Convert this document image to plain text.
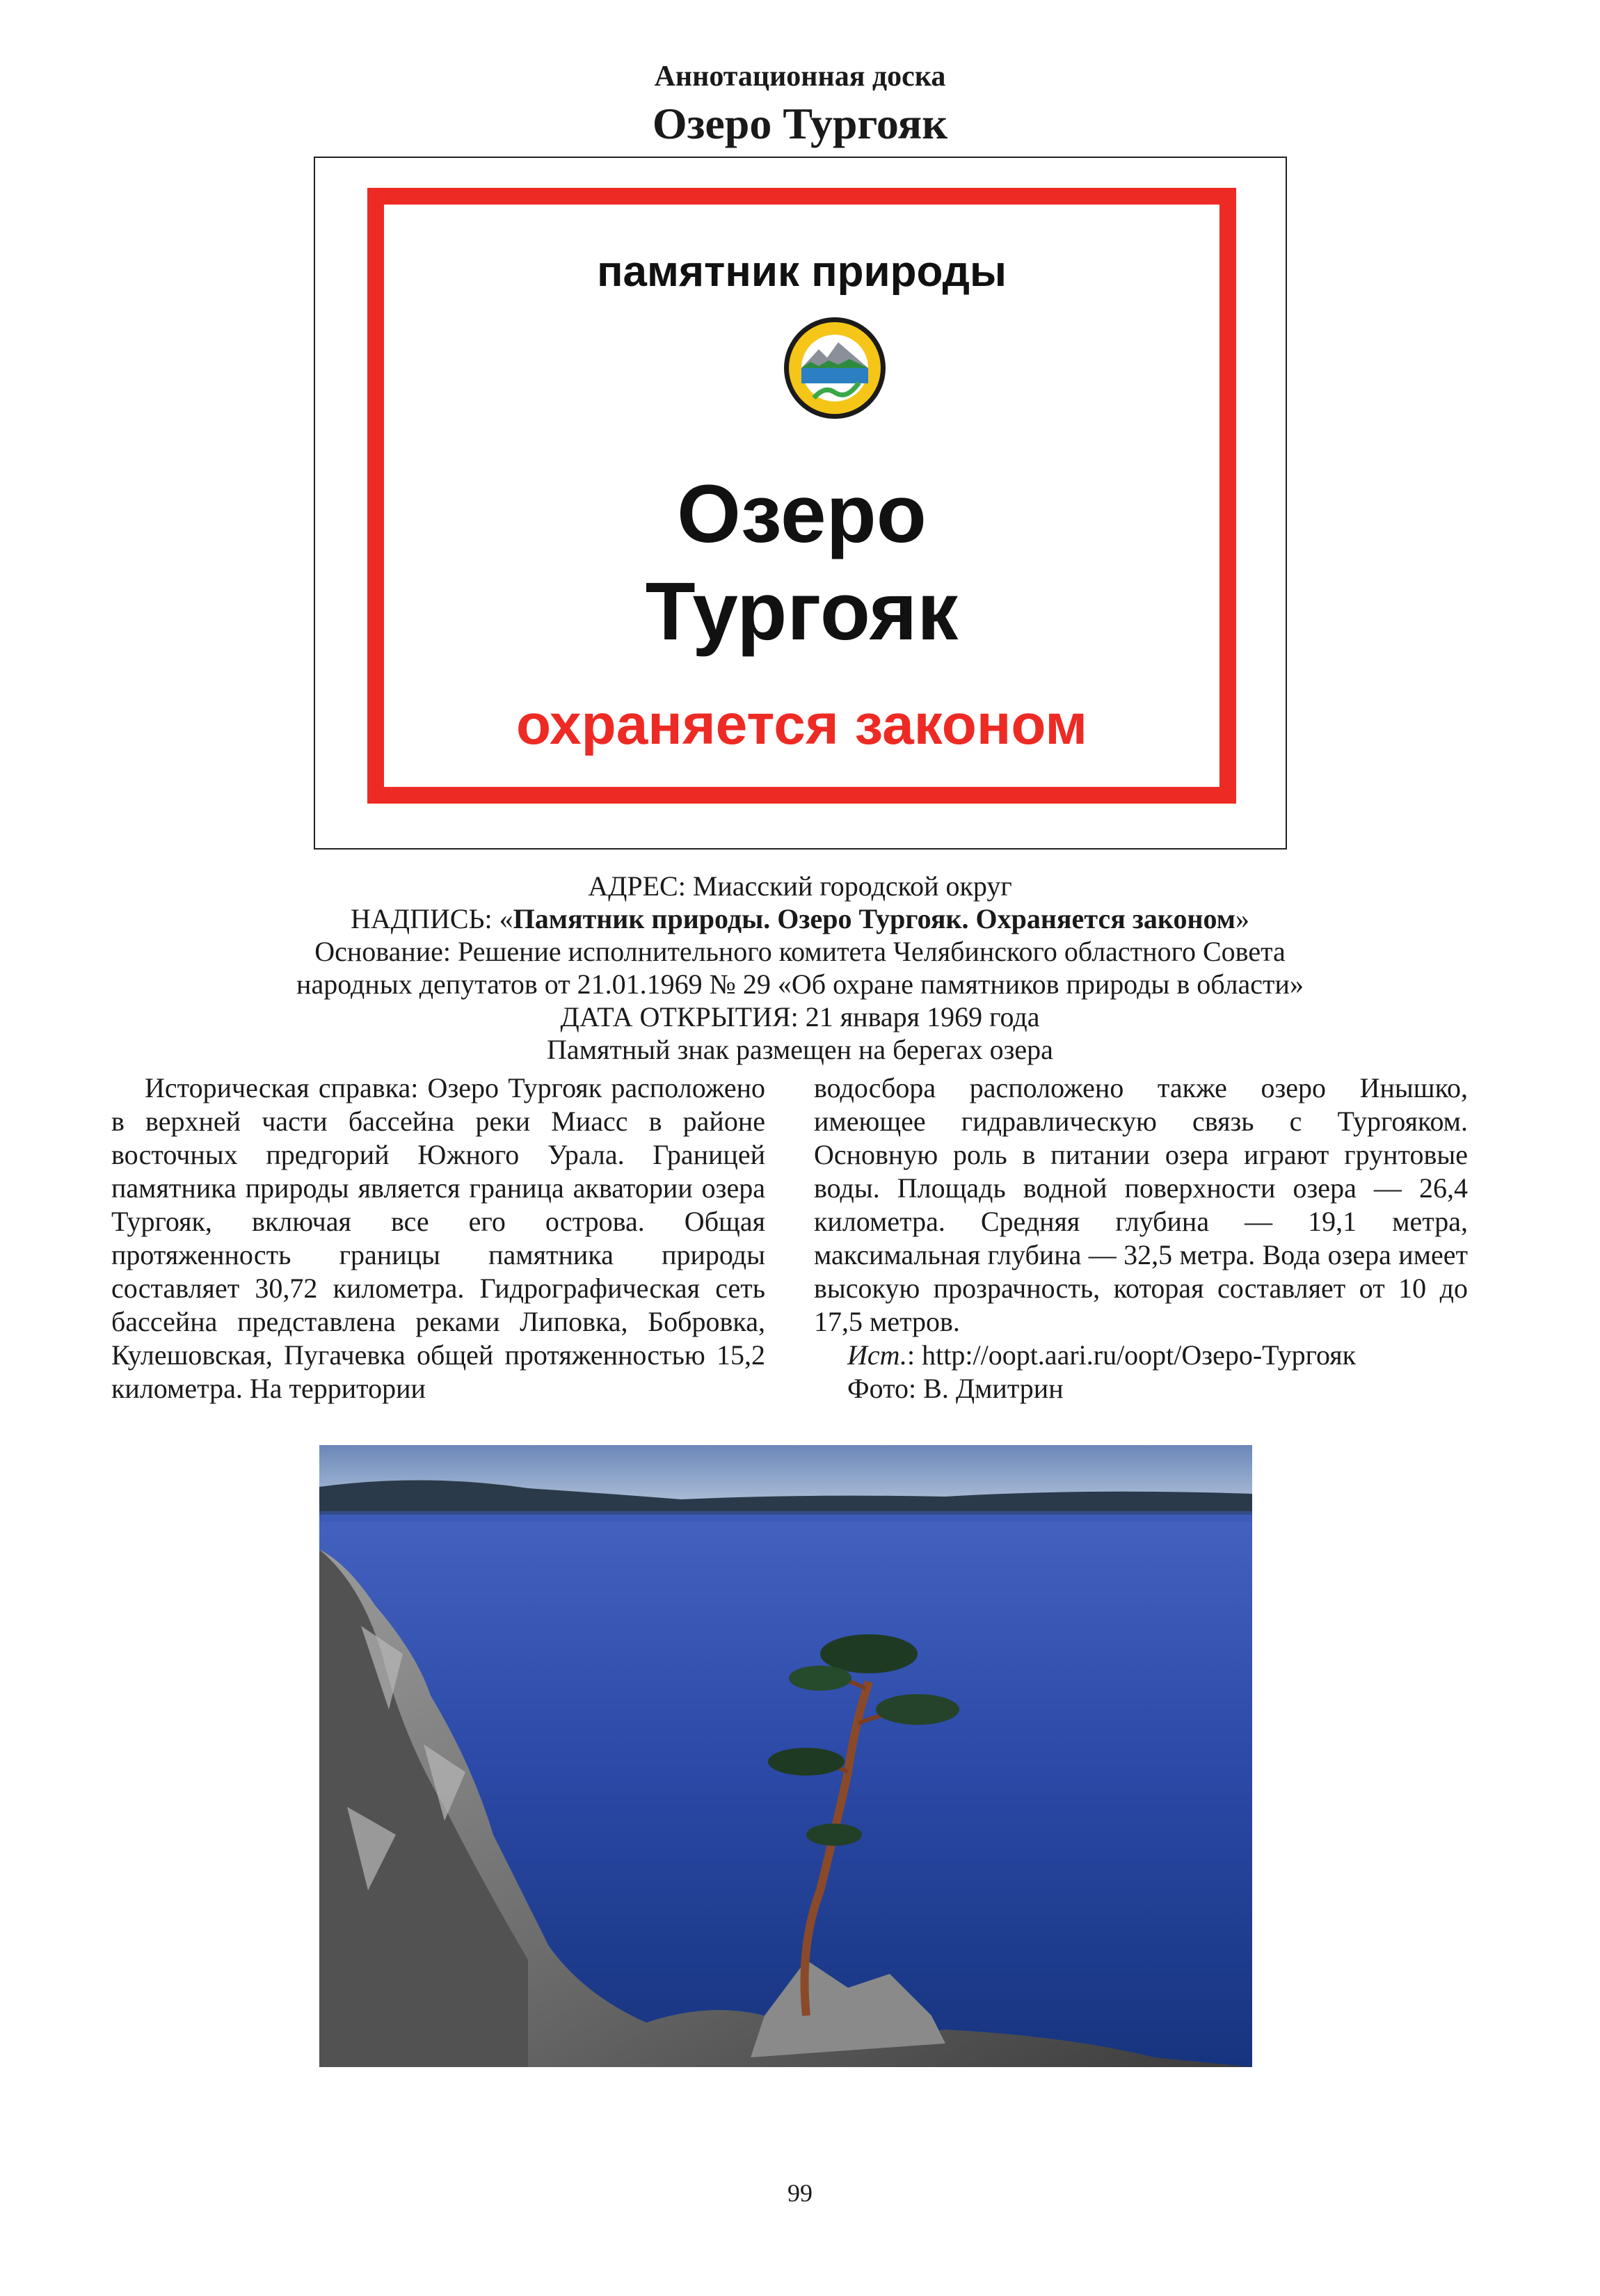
Аннотационная доска
Озеро Тургояк
памятник природы
Озеро
Тургояк
охраняется законом
АДРЕС: Миасский городской округ
НАДПИСЬ: «Памятник природы. Озеро Тургояк. Охраняется законом»
Основание: Решение исполнительного комитета Челябинского областного Совета
народных депутатов от 21.01.1969 № 29 «Об охране памятников природы в области»
ДАТА ОТКРЫТИЯ: 21 января 1969 года
Памятный знак размещен на берегах озера

Историческая справка: Озеро Тургояк расположено в верхней части бассейна реки Миасс в районе восточных предгорий Южного Урала. Границей памятника природы является граница акватории озера Тургояк, включая все его острова. Общая протяженность границы памятника природы составляет 30,72 километра. Гидрографическая сеть бассейна представлена реками Липовка, Бобровка, Кулешовская, Пугачевка общей протяженностью 15,2 километра. На территории

водосбора расположено также озеро Инышко, имеющее гидравлическую связь с Тургояком. Основную роль в питании озера играют грунтовые воды. Площадь водной поверхности озера — 26,4 километра. Средняя глубина — 19,1 метра, максимальная глубина — 32,5 метра. Вода озера имеет высокую прозрачность, которая составляет от 10 до 17,5 метров.

Ист.: http://oopt.aari.ru/oopt/Озеро-Тургояк

Фото: В. Дмитрин

99
